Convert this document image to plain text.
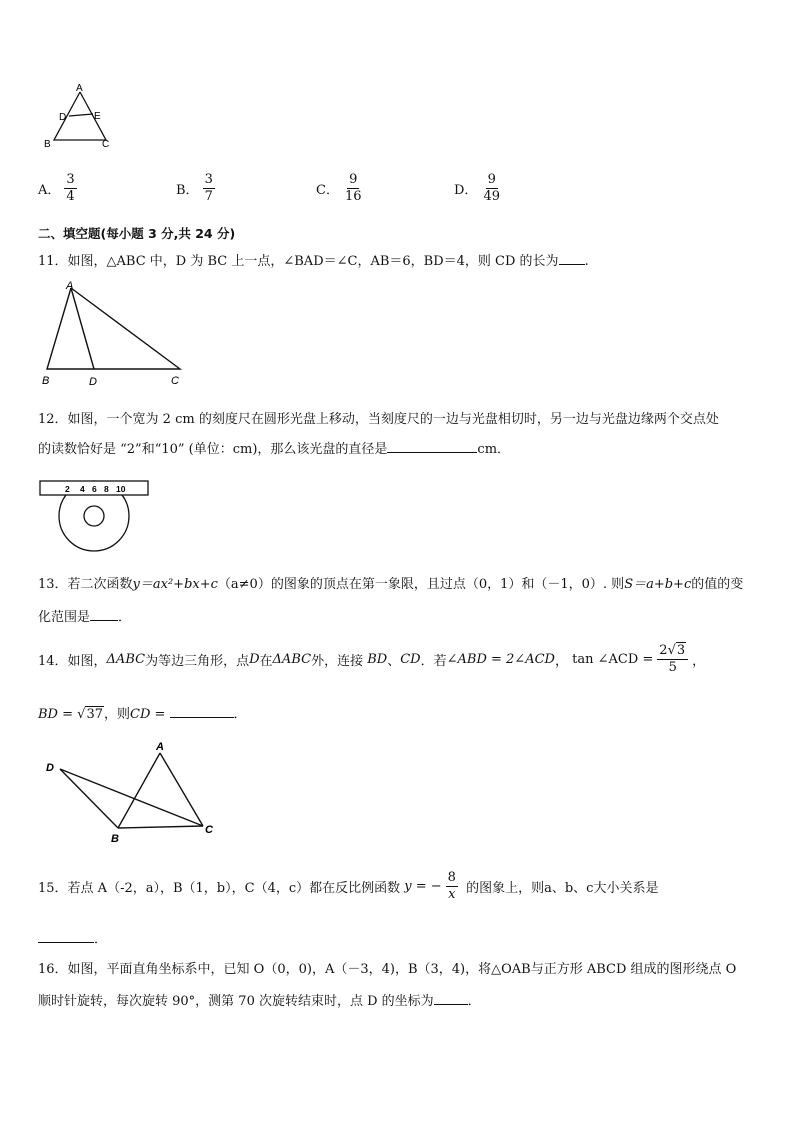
A
D	E
B	C
A． $\frac{3}{4}$	B． $\frac{3}{7}$	C． $\frac{9}{16}$	D． $\frac{9}{49}$
二、填空题(每小题 3 分,共 24 分)
11．如图，△ABC 中，D 为 BC 上一点，∠BAD＝∠C，AB＝6，BD＝4，则 CD 的长为 .
A
B	D	C
12．如图，一个宽为 2 cm 的刻度尺在圆形光盘上移动，当刻度尺的一边与光盘相切时，另一边与光盘边缘两个交点处
的读数恰好是 “2”和“10” (单位：cm)，那么该光盘的直径是	cm．
2 4 6 8 10
13．若二次函数y＝ax²+bx+c（a≠0）的图象的顶点在第一象限，且过点（0，1）和（－1，0）. 则S＝a+b+c的值的变
化范围是 ．
14．如图， ΔABC 为等边三角形，点 D 在 ΔABC 外，连接
BD 、 CD ．若 ∠ABD = 2∠ACD ，
tan ∠ACD = $\frac{2√3}{5}$ ，
BD = √37，则CD =	．
A
D
B
C
15．若点 A（-2，a），B（1，b），C（4，c）都在反比例函数
y = − $\frac{8}{x}$
的图象上，则a、b、c大小关系是
．
16．如图，平面直角坐标系中，已知 O（0，0)，A（－3，4)，B（3，4)，将△OAB与正方形 ABCD 组成的图形绕点 O
顺时针旋转，每次旋转 90°，测第 70 次旋转结束时，点 D 的坐标为	．
